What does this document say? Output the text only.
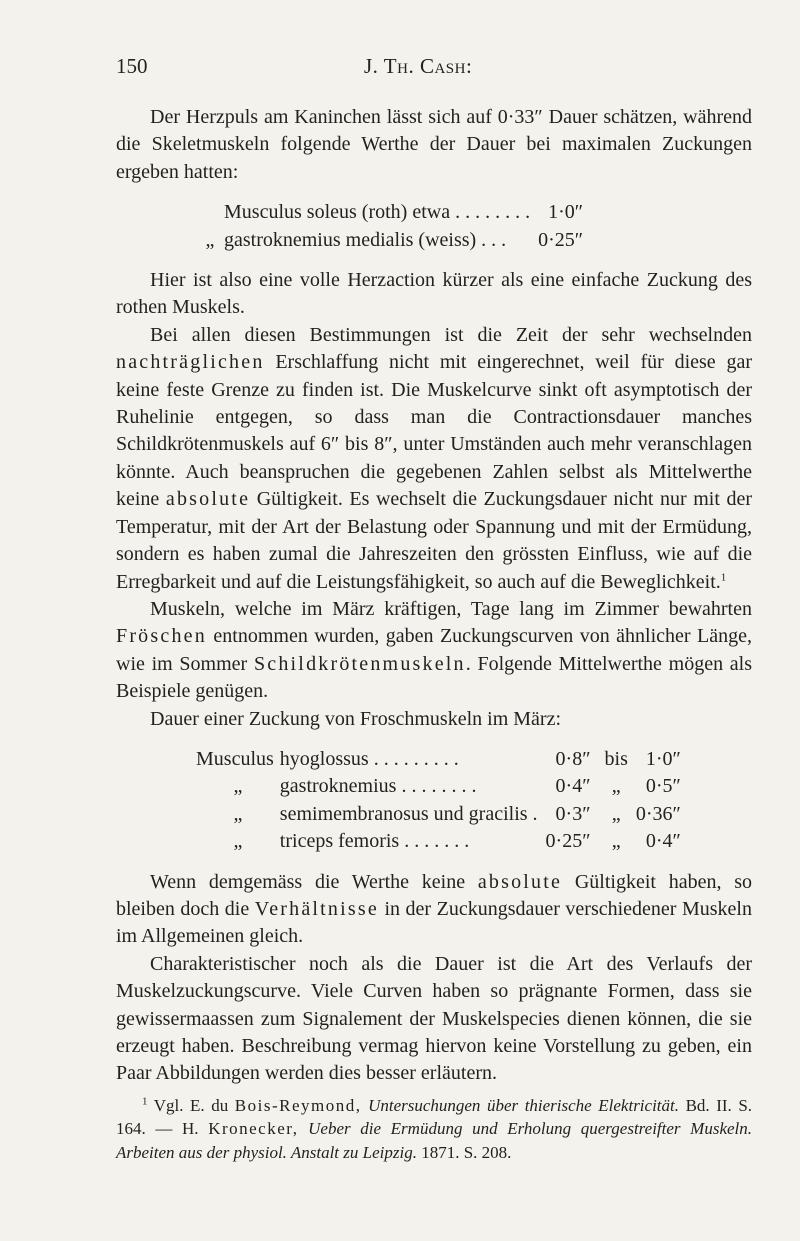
150	J. Th. Cash:

Der Herzpuls am Kaninchen lässt sich auf 0·33″ Dauer schätzen, während die Skeletmuskeln folgende Werthe der Dauer bei maximalen Zuckungen ergeben hatten:

	Musculus soleus (roth) etwa . . . . . . . .	1·0″
„	gastroknemius medialis (weiss) . . .	0·25″

Hier ist also eine volle Herzaction kürzer als eine einfache Zuckung des rothen Muskels.

Bei allen diesen Bestimmungen ist die Zeit der sehr wechselnden nachträglichen Erschlaffung nicht mit eingerechnet, weil für diese gar keine feste Grenze zu finden ist. Die Muskelcurve sinkt oft asymptotisch der Ruhelinie entgegen, so dass man die Contractionsdauer manches Schildkrötenmuskels auf 6″ bis 8″, unter Umständen auch mehr veranschlagen könnte. Auch beanspruchen die gegebenen Zahlen selbst als Mittelwerthe keine absolute Gültigkeit. Es wechselt die Zuckungsdauer nicht nur mit der Temperatur, mit der Art der Belastung oder Spannung und mit der Ermüdung, sondern es haben zumal die Jahreszeiten den grössten Einfluss, wie auf die Erregbarkeit und auf die Leistungsfähigkeit, so auch auf die Beweglichkeit.$^1$

Muskeln, welche im März kräftigen, Tage lang im Zimmer bewahrten Fröschen entnommen wurden, gaben Zuckungscurven von ähnlicher Länge, wie im Sommer Schildkrötenmuskeln. Folgende Mittelwerthe mögen als Beispiele genügen.

Dauer einer Zuckung von Froschmuskeln im März:

Musculus	hyoglossus . . . . . . . . .	0·8″	bis	1·0″
„	gastroknemius . . . . . . . .	0·4″	„	0·5″
„	semimembranosus und gracilis .	0·3″	„	0·36″
„	triceps femoris . . . . . . .	0·25″	„	0·4″

Wenn demgemäss die Werthe keine absolute Gültigkeit haben, so bleiben doch die Verhältnisse in der Zuckungsdauer verschiedener Muskeln im Allgemeinen gleich.

Charakteristischer noch als die Dauer ist die Art des Verlaufs der Muskelzuckungscurve. Viele Curven haben so prägnante Formen, dass sie gewissermaassen zum Signalement der Muskelspecies dienen können, die sie erzeugt haben. Beschreibung vermag hiervon keine Vorstellung zu geben, ein Paar Abbildungen werden dies besser erläutern.

$^1$ Vgl. E. du Bois-Reymond, Untersuchungen über thierische Elektricität. Bd. II. S. 164. — H. Kronecker, Ueber die Ermüdung und Erholung quergestreifter Muskeln. Arbeiten aus der physiol. Anstalt zu Leipzig. 1871. S. 208.
